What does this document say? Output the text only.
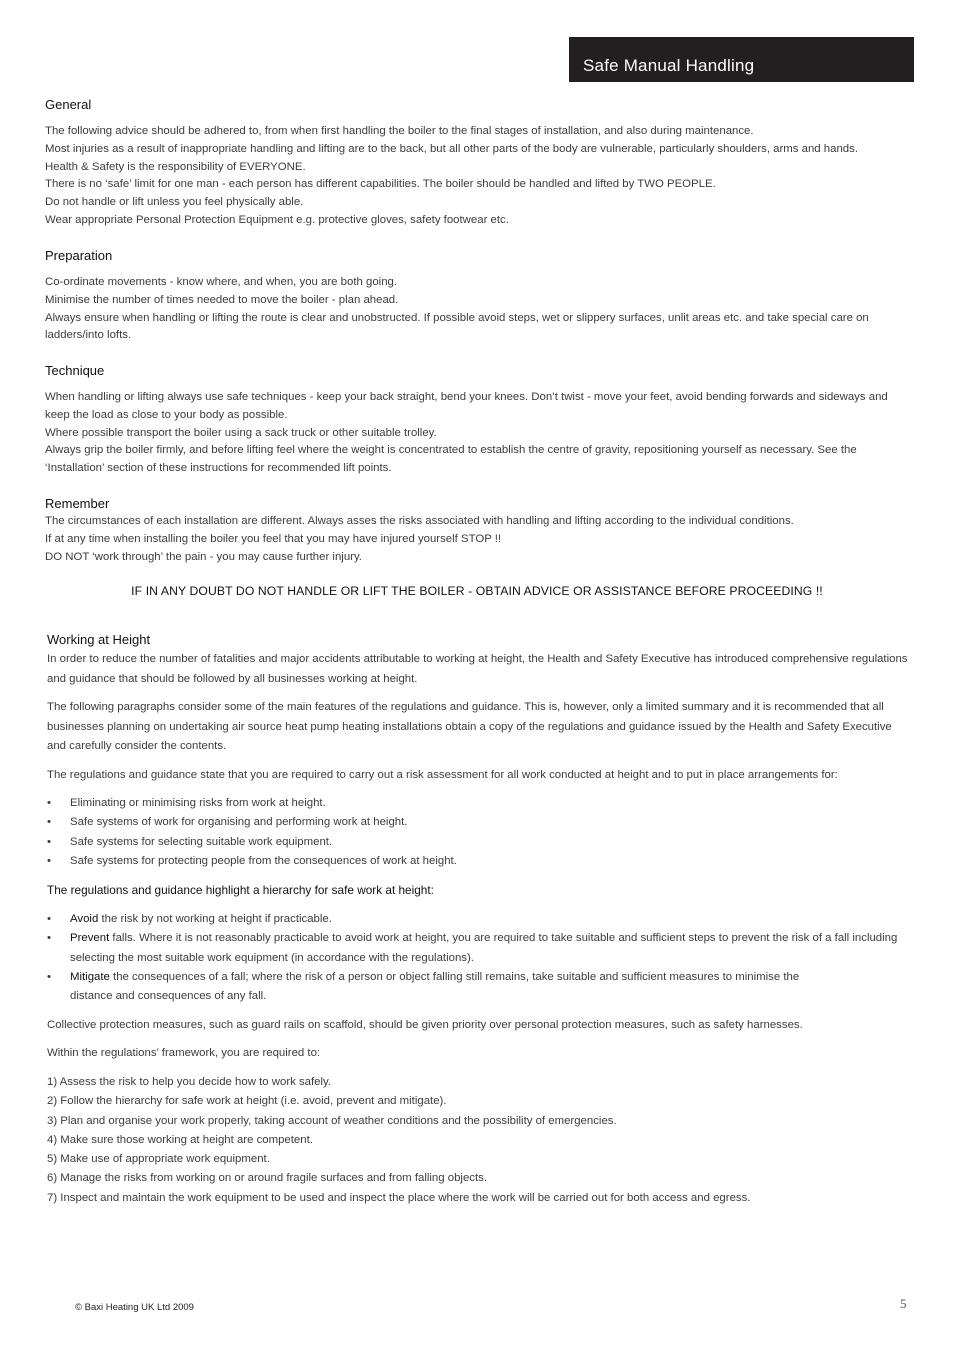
Safe Manual Handling
General
The following advice should be adhered to, from when first handling the boiler to the final stages of installation, and also during maintenance.
Most injuries as a result of inappropriate handling and lifting are to the back, but all other parts of the body are vulnerable, particularly shoulders, arms and hands.
Health & Safety is the responsibility of EVERYONE.
There is no ‘safe’ limit for one man - each person has different capabilities. The boiler should be handled and lifted by TWO PEOPLE.
Do not handle or lift unless you feel physically able.
Wear appropriate Personal Protection Equipment e.g. protective gloves, safety footwear etc.
Preparation
Co-ordinate movements - know where, and when, you are both going.
Minimise the number of times needed to move the boiler - plan ahead.
Always ensure when handling or lifting the route is clear and unobstructed. If possible avoid steps, wet or slippery surfaces, unlit areas etc. and take special care on ladders/into lofts.
Technique
When handling or lifting always use safe techniques - keep your back straight, bend your knees. Don’t twist - move your feet, avoid bending forwards and sideways and keep the load as close to your body as possible.
Where possible transport the boiler using a sack truck or other suitable trolley.
Always grip the boiler firmly, and before lifting feel where the weight is concentrated to establish the centre of gravity, repositioning yourself as necessary. See the ‘Installation’ section of these instructions for recommended lift points.
Remember
The circumstances of each installation are different. Always asses the risks associated with handling and lifting according to the individual conditions.
If at any time when installing the boiler you feel that you may have injured yourself STOP !!
DO NOT ‘work through’ the pain - you may cause further injury.
IF IN ANY DOUBT DO NOT HANDLE OR LIFT THE BOILER - OBTAIN ADVICE OR ASSISTANCE BEFORE PROCEEDING !!
Working at Height
In order to reduce the number of fatalities and major accidents attributable to working at height, the Health and Safety Executive has introduced comprehensive regulations and guidance that should be followed by all businesses working at height.
The following paragraphs consider some of the main features of the regulations and guidance. This is, however, only a limited summary and it is recommended that all businesses planning on undertaking air source heat pump heating installations obtain a copy of the regulations and guidance issued by the Health and Safety Executive and carefully consider the contents.
The regulations and guidance state that you are required to carry out a risk assessment for all work conducted at height and to put in place arrangements for:
• Eliminating or minimising risks from work at height.
• Safe systems of work for organising and performing work at height.
• Safe systems for selecting suitable work equipment.
• Safe systems for protecting people from the consequences of work at height.
The regulations and guidance highlight a hierarchy for safe work at height:
• Avoid the risk by not working at height if practicable.
• Prevent falls. Where it is not reasonably practicable to avoid work at height, you are required to take suitable and sufficient steps to prevent the risk of a fall including selecting the most suitable work equipment (in accordance with the regulations).
• Mitigate the consequences of a fall; where the risk of a person or object falling still remains, take suitable and sufficient measures to minimise the distance and consequences of any fall.
Collective protection measures, such as guard rails on scaffold, should be given priority over personal protection measures, such as safety harnesses.
Within the regulations’ framework, you are required to:
1) Assess the risk to help you decide how to work safely.
2) Follow the hierarchy for safe work at height (i.e. avoid, prevent and mitigate).
3) Plan and organise your work properly, taking account of weather conditions and the possibility of emergencies.
4) Make sure those working at height are competent.
5) Make use of appropriate work equipment.
6) Manage the risks from working on or around fragile surfaces and from falling objects.
7) Inspect and maintain the work equipment to be used and inspect the place where the work will be carried out for both access and egress.
© Baxi Heating UK Ltd 2009	5
